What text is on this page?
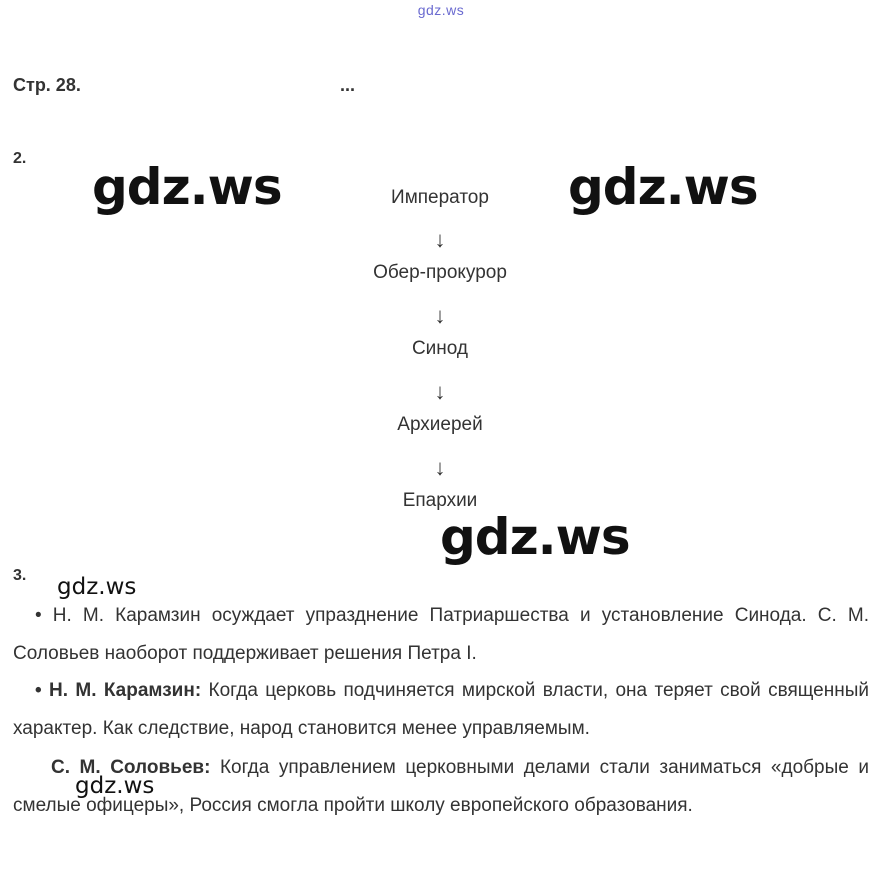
gdz.ws
Стр. 28.	...
2. gdz.ws	gdz.ws
Император
↓
Обер-прокурор
↓
Синод
↓
Архиерей
↓
Епархии
gdz.ws
3. gdz.ws
• Н. М. Карамзин осуждает упразднение Патриаршества и установление Синода. С. М. Соловьев наоборот поддерживает решения Петра I.
• Н. М. Карамзин: Когда церковь подчиняется мирской власти, она теряет свой священный характер. Как следствие, народ становится менее управляемым.
С. М. Соловьев: Когда управлением церковными делами стали заниматься «добрые и смелые офицеры», Россия смогла пройти школу европейского образования.
gdz.ws
